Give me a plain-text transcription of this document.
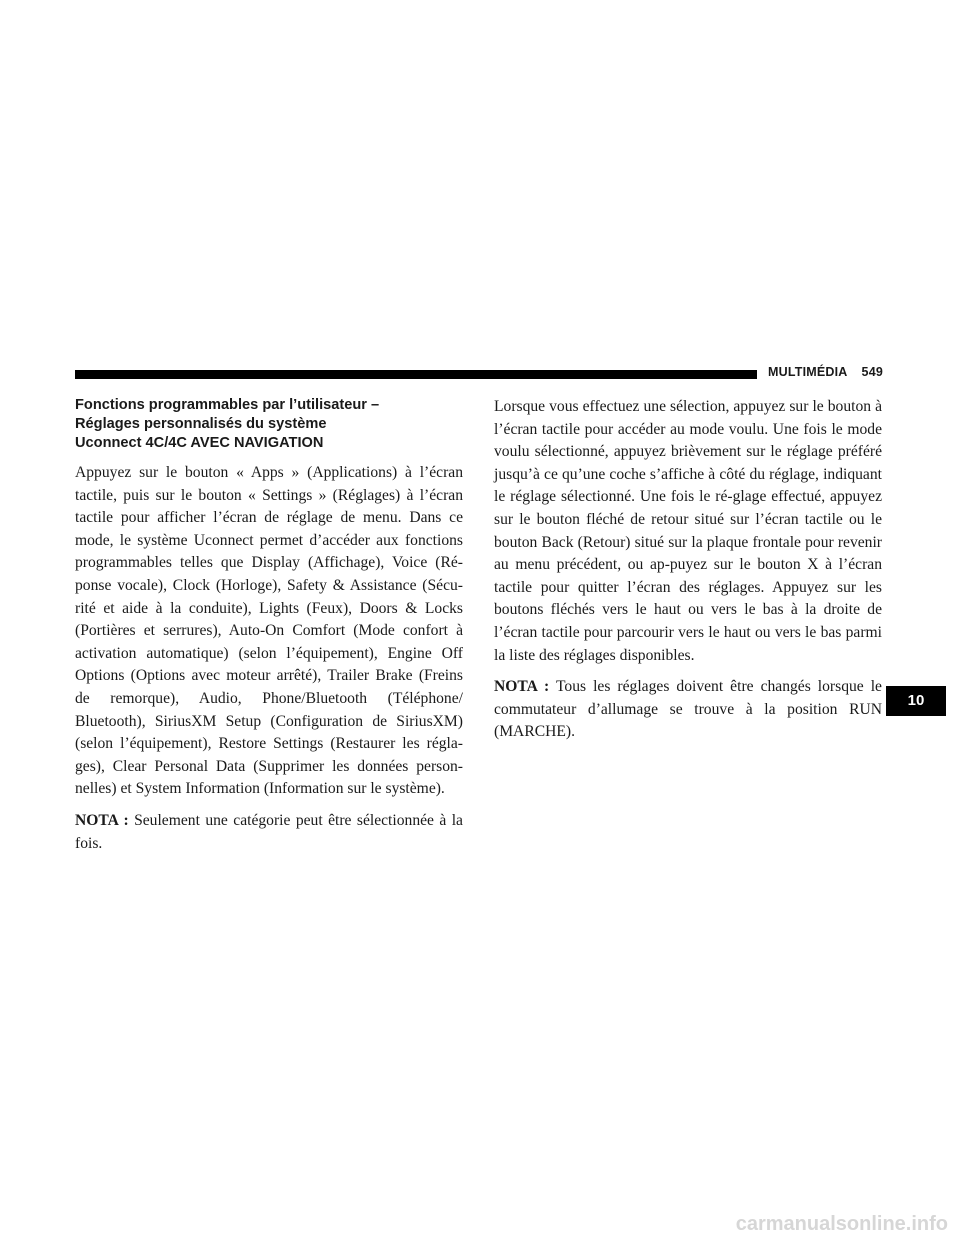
MULTIMÉDIA 549
Fonctions programmables par l’utilisateur –
Réglages personnalisés du système
Uconnect 4C/4C AVEC NAVIGATION

Appuyez sur le bouton « Apps » (Applications) à l’écran tactile, puis sur le bouton « Settings » (Réglages) à l’écran tactile pour afficher l’écran de réglage de menu. Dans ce mode, le système Uconnect permet d’accéder aux fonctions programmables telles que Display (Affichage), Voice (Ré-ponse vocale), Clock (Horloge), Safety & Assistance (Sécu-rité et aide à la conduite), Lights (Feux), Doors & Locks (Portières et serrures), Auto-On Comfort (Mode confort à activation automatique) (selon l’équipement), Engine Off Options (Options avec moteur arrêté), Trailer Brake (Freins de remorque), Audio, Phone/Bluetooth (Téléphone/ Bluetooth), SiriusXM Setup (Configuration de SiriusXM) (selon l’équipement), Restore Settings (Restaurer les régla-ges), Clear Personal Data (Supprimer les données person-nelles) et System Information (Information sur le système).

NOTA : Seulement une catégorie peut être sélectionnée à la fois.

Lorsque vous effectuez une sélection, appuyez sur le bouton à l’écran tactile pour accéder au mode voulu. Une fois le mode voulu sélectionné, appuyez brièvement sur le réglage préféré jusqu’à ce qu’une coche s’affiche à côté du réglage, indiquant le réglage sélectionné. Une fois le ré-glage effectué, appuyez sur le bouton fléché de retour situé sur l’écran tactile ou le bouton Back (Retour) situé sur la plaque frontale pour revenir au menu précédent, ou ap-puyez sur le bouton X à l’écran tactile pour quitter l’écran des réglages. Appuyez sur les boutons fléchés vers le haut ou vers le bas à la droite de l’écran tactile pour parcourir vers le haut ou vers le bas parmi la liste des réglages disponibles.

NOTA : Tous les réglages doivent être changés lorsque le commutateur d’allumage se trouve à la position RUN (MARCHE).

10
carmanualsonline.info
